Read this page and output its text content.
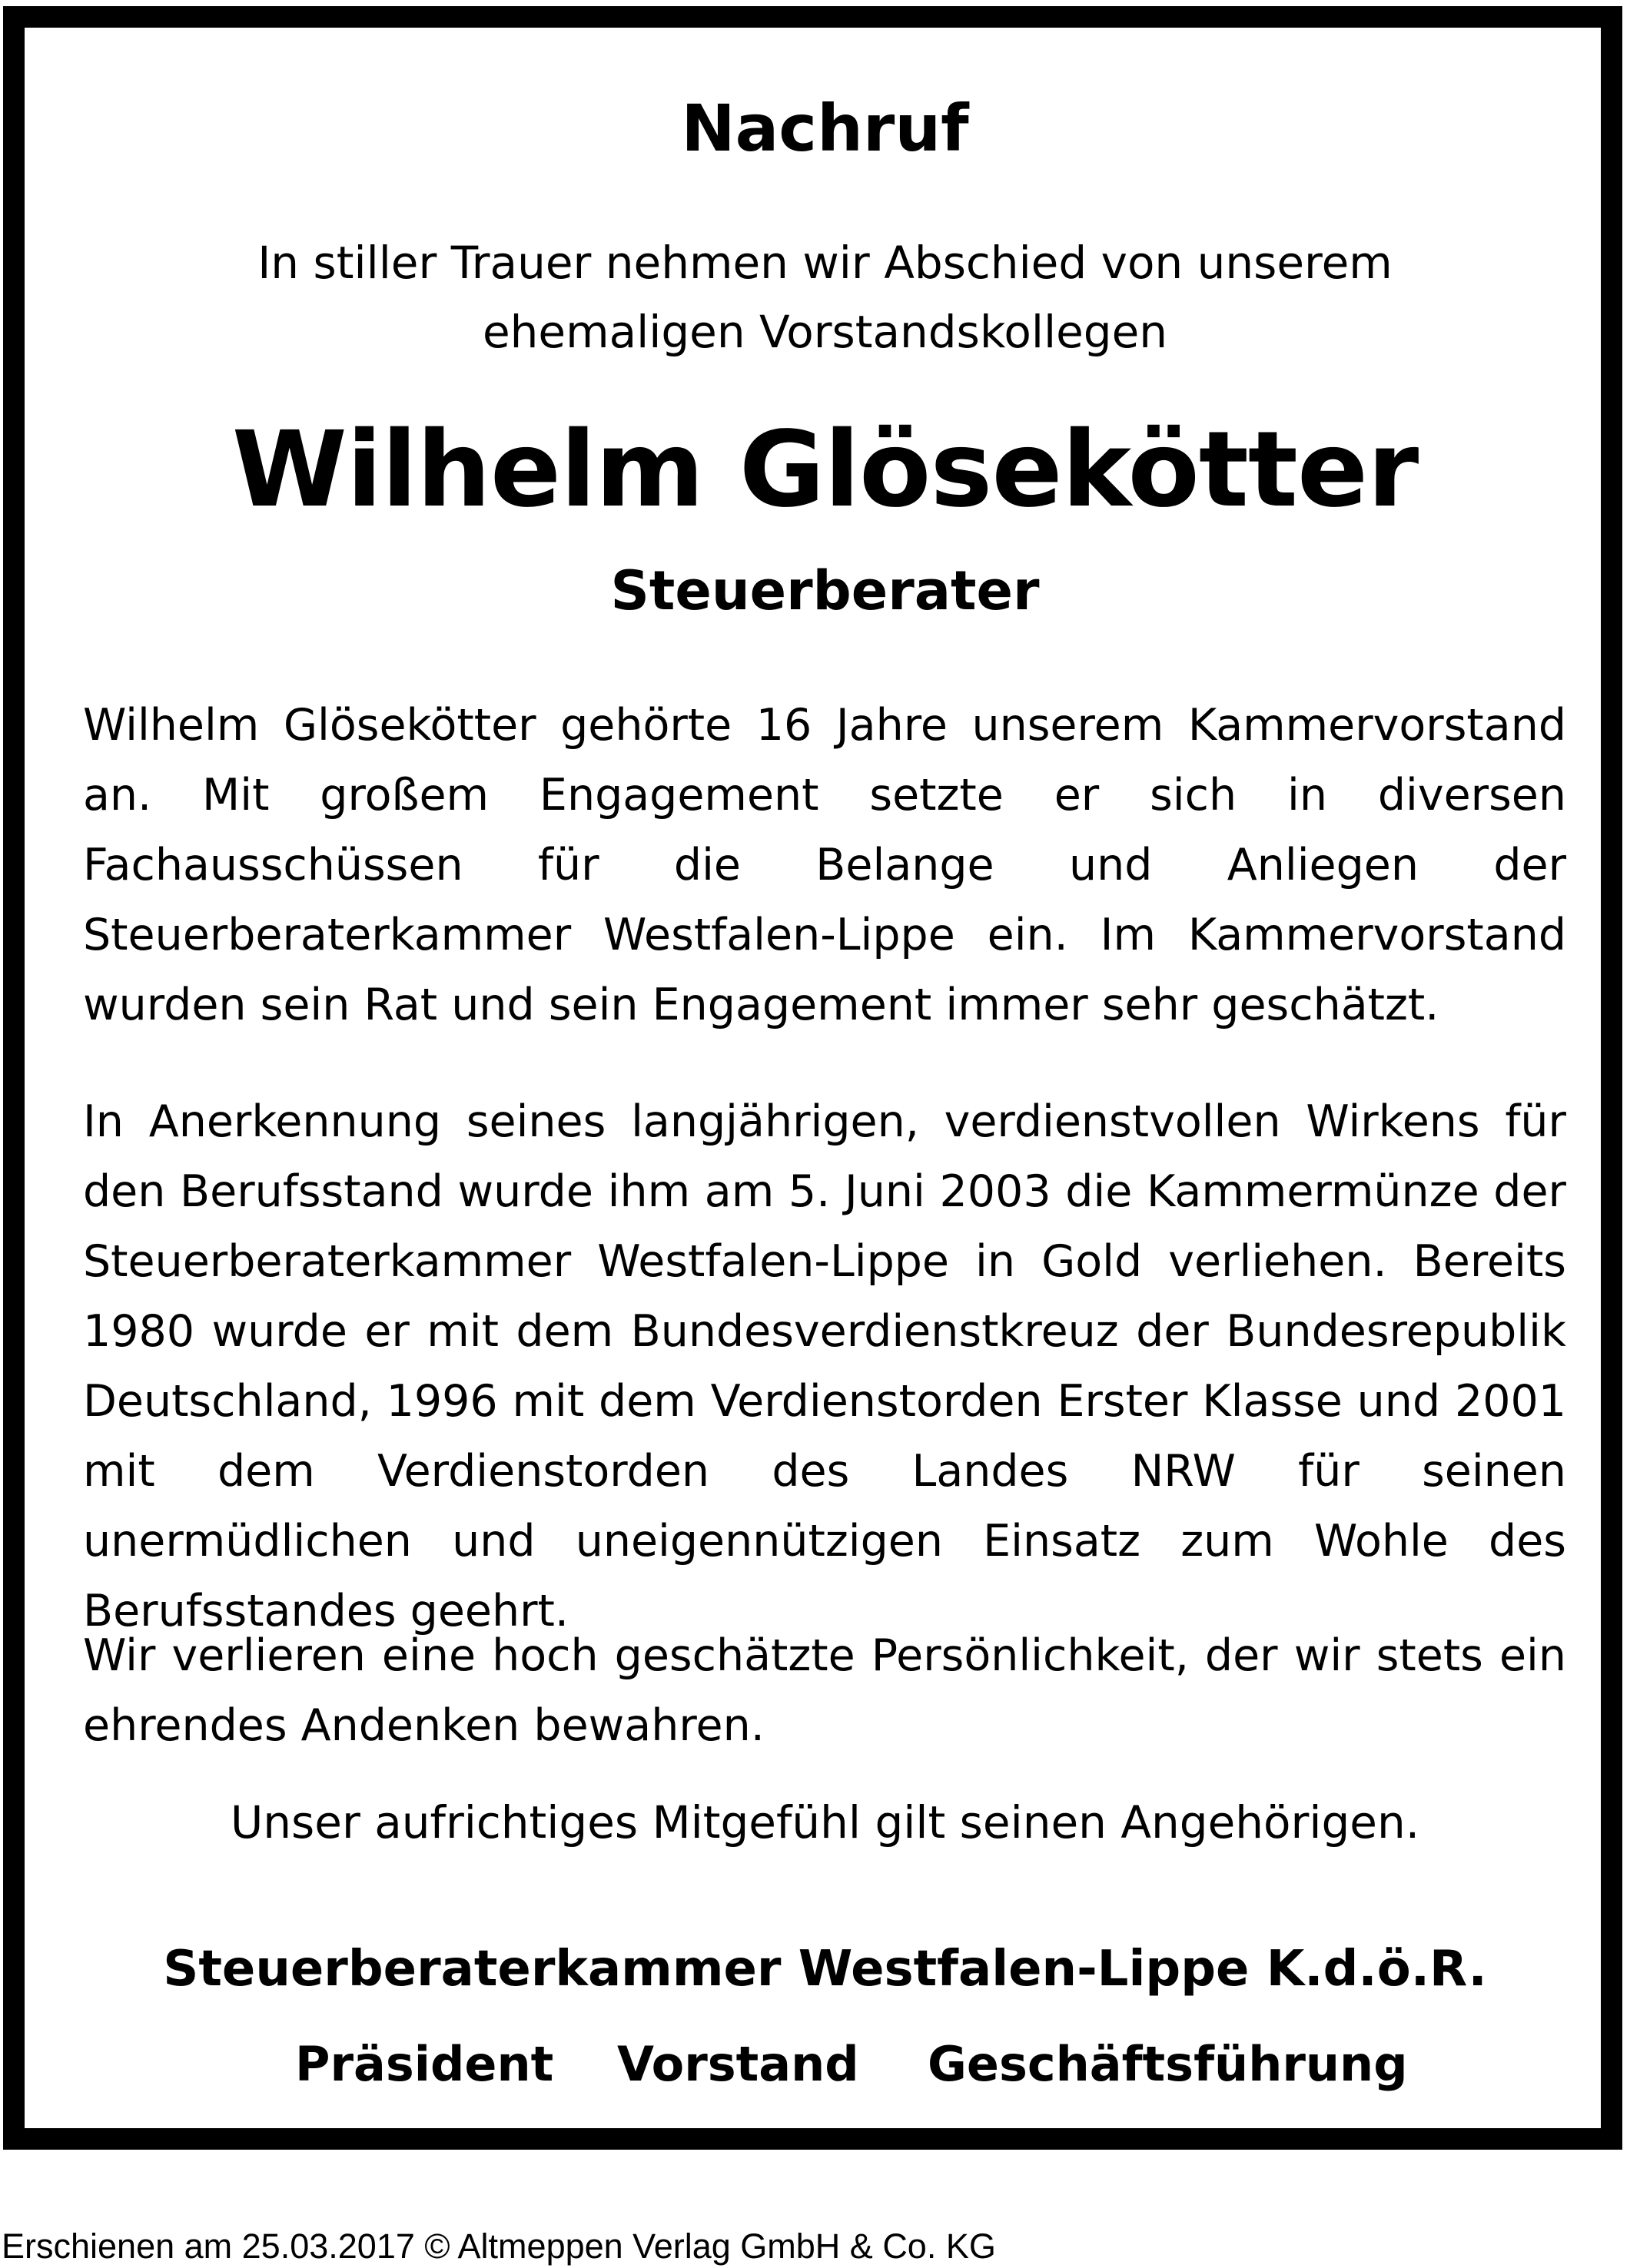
Nachruf
In stiller Trauer nehmen wir Abschied von unserem
ehemaligen Vorstandskollegen
Wilhelm Glösekötter
Steuerberater

Wilhelm Glösekötter gehörte 16 Jahre unserem Kammervorstand an. Mit großem Engagement setzte er sich in diversen Fachausschüssen für die Belange und Anliegen der Steuerberaterkammer Westfalen-Lippe ein. Im Kammervorstand wurden sein Rat und sein Engagement immer sehr geschätzt.

In Anerkennung seines langjährigen, verdienstvollen Wirkens für den Berufsstand wurde ihm am 5. Juni 2003 die Kammermünze der Steuerberaterkammer Westfalen-Lippe in Gold verliehen. Bereits 1980 wurde er mit dem Bundesverdienstkreuz der Bundesrepublik Deutschland, 1996 mit dem Verdienstorden Erster Klasse und 2001 mit dem Verdienstorden des Landes NRW für seinen unermüdlichen und uneigennützigen Einsatz zum Wohle des Berufsstandes geehrt.

Wir verlieren eine hoch geschätzte Persönlichkeit, der wir stets ein ehrendes Andenken bewahren.

Unser aufrichtiges Mitgefühl gilt seinen Angehörigen.
Steuerberaterkammer Westfalen-Lippe K.d.ö.R.
Präsident Vorstand Geschäftsführung
Erschienen am 25.03.2017 © Altmeppen Verlag GmbH & Co. KG
